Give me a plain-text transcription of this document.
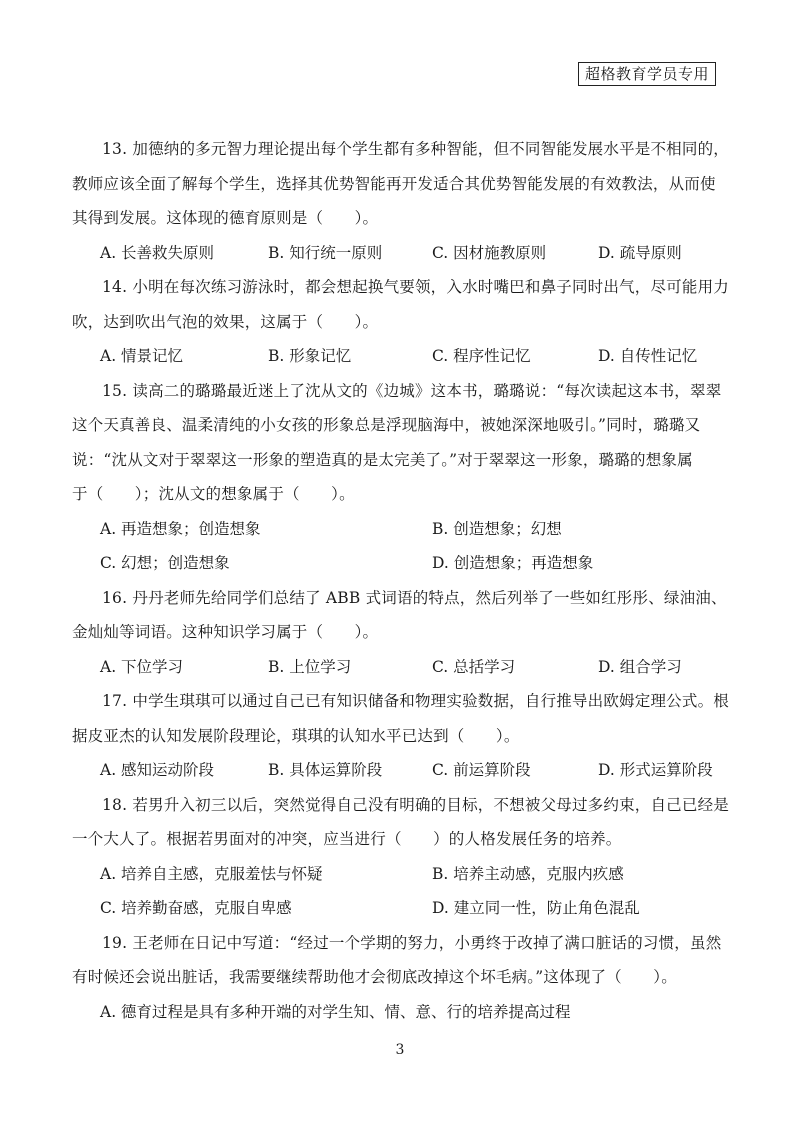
超格教育学员专用

13. 加德纳的多元智力理论提出每个学生都有多种智能，但不同智能发展水平是不相同的，

教师应该全面了解每个学生，选择其优势智能再开发适合其优势智能发展的有效教法，从而使

其得到发展。这体现的德育原则是（　　）。

A. 长善救失原则	B. 知行统一原则	C. 因材施教原则	D. 疏导原则

14. 小明在每次练习游泳时，都会想起换气要领，入水时嘴巴和鼻子同时出气，尽可能用力

吹，达到吹出气泡的效果，这属于（　　）。

A. 情景记忆	B. 形象记忆	C. 程序性记忆	D. 自传性记忆

15. 读高二的璐璐最近迷上了沈从文的《边城》这本书，璐璐说：“每次读起这本书，翠翠

这个天真善良、温柔清纯的小女孩的形象总是浮现脑海中，被她深深地吸引。”同时，璐璐又

说：“沈从文对于翠翠这一形象的塑造真的是太完美了。”对于翠翠这一形象，璐璐的想象属

于（　　）；沈从文的想象属于（　　）。

A. 再造想象；创造想象	B. 创造想象；幻想
C. 幻想；创造想象	D. 创造想象；再造想象

16. 丹丹老师先给同学们总结了 ABB 式词语的特点，然后列举了一些如红彤彤、绿油油、

金灿灿等词语。这种知识学习属于（　　）。

A. 下位学习	B. 上位学习	C. 总括学习	D. 组合学习

17. 中学生琪琪可以通过自己已有知识储备和物理实验数据，自行推导出欧姆定理公式。根

据皮亚杰的认知发展阶段理论，琪琪的认知水平已达到（　　）。

A. 感知运动阶段	B. 具体运算阶段	C. 前运算阶段	D. 形式运算阶段

18. 若男升入初三以后，突然觉得自己没有明确的目标，不想被父母过多约束，自己已经是

一个大人了。根据若男面对的冲突，应当进行（　　）的人格发展任务的培养。

A. 培养自主感，克服羞怯与怀疑	B. 培养主动感，克服内疚感
C. 培养勤奋感，克服自卑感	D. 建立同一性，防止角色混乱

19. 王老师在日记中写道：“经过一个学期的努力，小勇终于改掉了满口脏话的习惯，虽然

有时候还会说出脏话，我需要继续帮助他才会彻底改掉这个坏毛病。”这体现了（　　）。

A. 德育过程是具有多种开端的对学生知、情、意、行的培养提高过程
3
